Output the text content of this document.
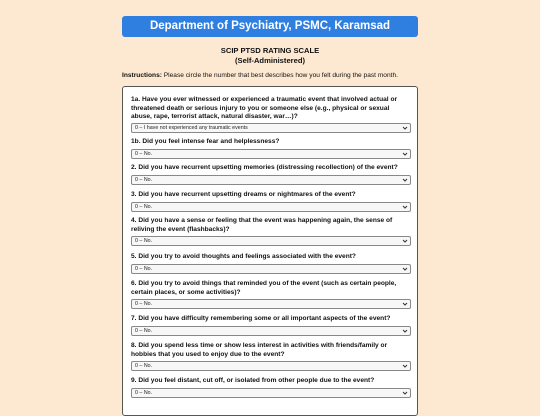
Department of Psychiatry, PSMC, Karamsad
SCIP PTSD RATING SCALE
(Self-Administered)
Instructions: Please circle the number that best describes how you felt during the past month.
1a. Have you ever witnessed or experienced a traumatic event that involved actual or threatened death or serious injury to you or someone else (e.g., physical or sexual abuse, rape, terrorist attack, natural disaster, war…)?
0 – I have not experienced any traumatic events
1b. Did you feel intense fear and helplessness?
0 – No.
2. Did you have recurrent upsetting memories (distressing recollection) of the event?
0 – No.
3. Did you have recurrent upsetting dreams or nightmares of the event?
0 – No.
4. Did you have a sense or feeling that the event was happening again, the sense of reliving the event (flashbacks)?
0 – No.
5. Did you try to avoid thoughts and feelings associated with the event?
0 – No.
6. Did you try to avoid things that reminded you of the event (such as certain people, certain places, or some activities)?
0 – No.
7. Did you have difficulty remembering some or all important aspects of the event?
0 – No.
8. Did you spend less time or show less interest in activities with friends/family or hobbies that you used to enjoy due to the event?
0 – No.
9. Did you feel distant, cut off, or isolated from other people due to the event?
0 – No.
